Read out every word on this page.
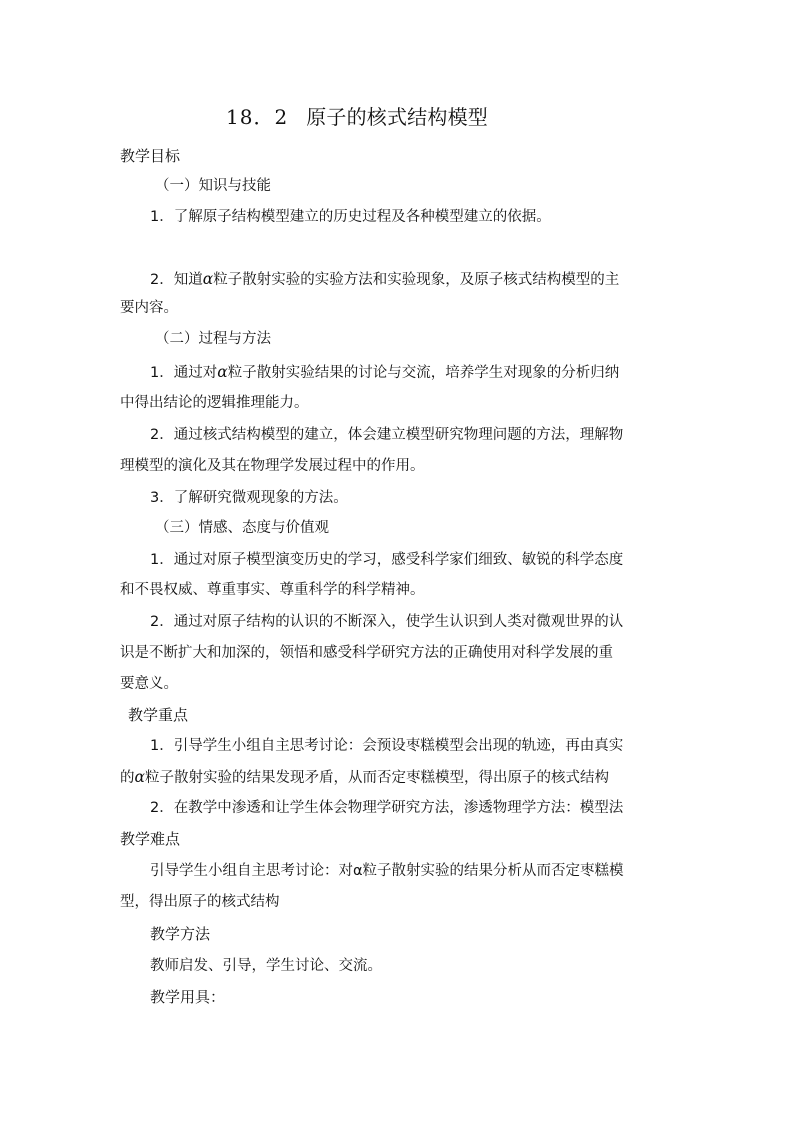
18．2 原子的核式结构模型
教学目标
（一）知识与技能
1．了解原子结构模型建立的历史过程及各种模型建立的依据。
2．知道α粒子散射实验的实验方法和实验现象，及原子核式结构模型的主
要内容。
（二）过程与方法
1．通过对α粒子散射实验结果的讨论与交流，培养学生对现象的分析归纳
中得出结论的逻辑推理能力。
2．通过核式结构模型的建立，体会建立模型研究物理问题的方法，理解物
理模型的演化及其在物理学发展过程中的作用。
3．了解研究微观现象的方法。
（三）情感、态度与价值观
1．通过对原子模型演变历史的学习，感受科学家们细致、敏锐的科学态度
和不畏权威、尊重事实、尊重科学的科学精神。
2．通过对原子结构的认识的不断深入，使学生认识到人类对微观世界的认
识是不断扩大和加深的，领悟和感受科学研究方法的正确使用对科学发展的重
要意义。
教学重点
1．引导学生小组自主思考讨论：会预设枣糕模型会出现的轨迹，再由真实
的α粒子散射实验的结果发现矛盾，从而否定枣糕模型，得出原子的核式结构
2．在教学中渗透和让学生体会物理学研究方法，渗透物理学方法：模型法
教学难点
引导学生小组自主思考讨论：对α粒子散射实验的结果分析从而否定枣糕模
型，得出原子的核式结构
教学方法
教师启发、引导，学生讨论、交流。
教学用具：
